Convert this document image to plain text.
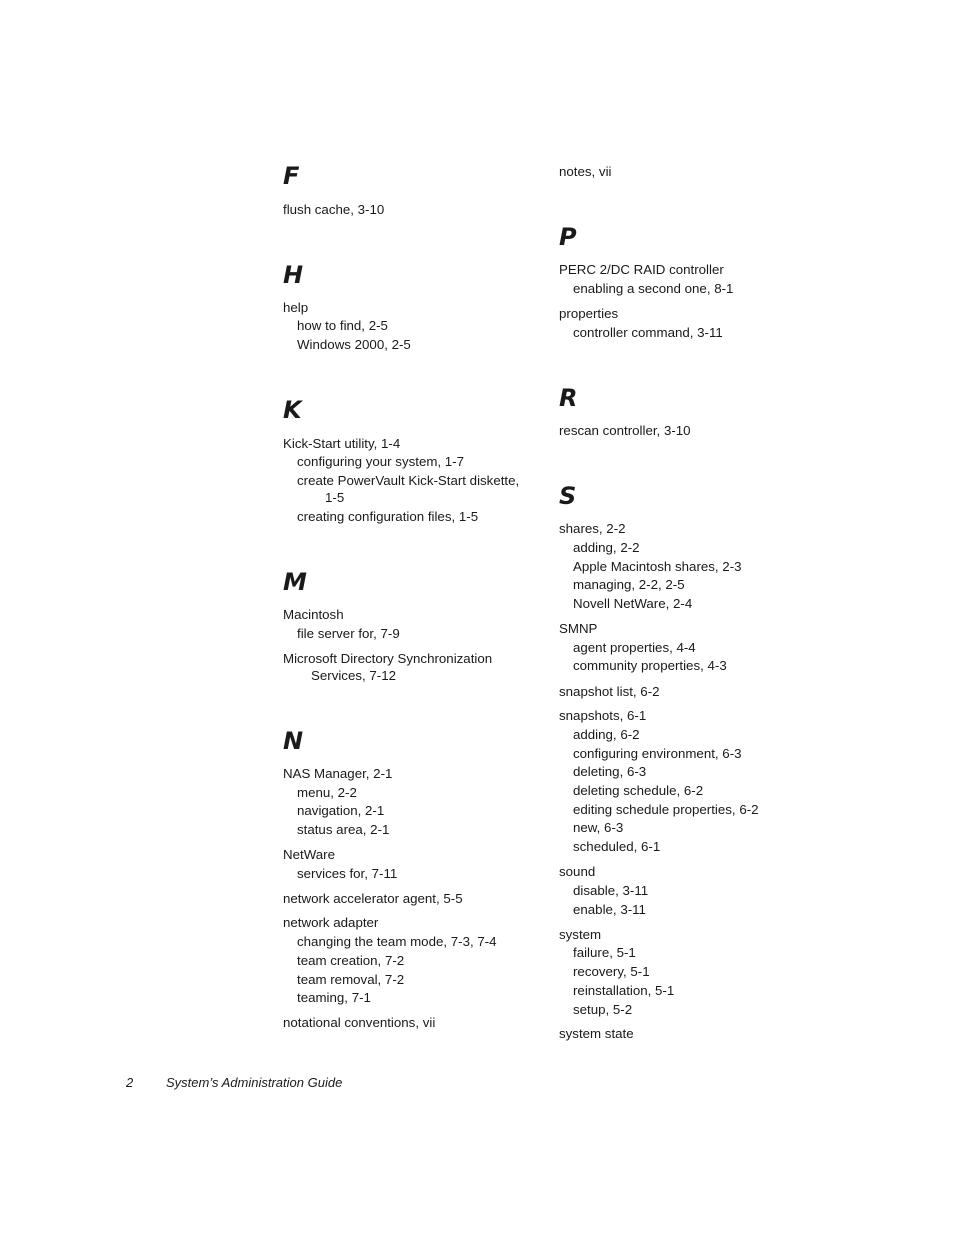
F
flush cache, 3-10
H
help
how to find, 2-5
Windows 2000, 2-5
K
Kick-Start utility, 1-4
configuring your system, 1-7
create PowerVault Kick-Start diskette,
1-5
creating configuration files, 1-5
M
Macintosh
file server for, 7-9
Microsoft Directory Synchronization
Services, 7-12
N
NAS Manager, 2-1
menu, 2-2
navigation, 2-1
status area, 2-1
NetWare
services for, 7-11
network accelerator agent, 5-5
network adapter
changing the team mode, 7-3, 7-4
team creation, 7-2
team removal, 7-2
teaming, 7-1
notational conventions, vii
notes, vii
P
PERC 2/DC RAID controller
enabling a second one, 8-1
properties
controller command, 3-11
R
rescan controller, 3-10
S
shares, 2-2
adding, 2-2
Apple Macintosh shares, 2-3
managing, 2-2, 2-5
Novell NetWare, 2-4
SMNP
agent properties, 4-4
community properties, 4-3
snapshot list, 6-2
snapshots, 6-1
adding, 6-2
configuring environment, 6-3
deleting, 6-3
deleting schedule, 6-2
editing schedule properties, 6-2
new, 6-3
scheduled, 6-1
sound
disable, 3-11
enable, 3-11
system
failure, 5-1
recovery, 5-1
reinstallation, 5-1
setup, 5-2
system state
2	System’s Administration Guide
